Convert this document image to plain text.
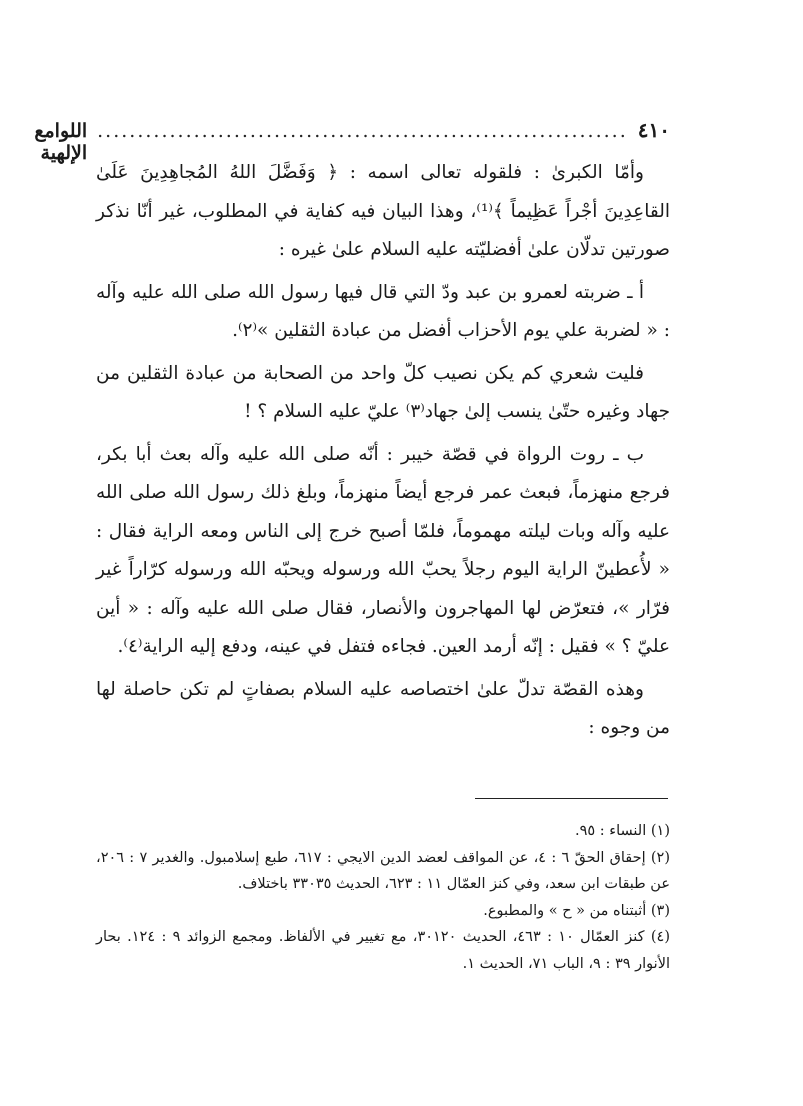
٤١٠
..................................................................
اللوامع الإلهية

وأمّا الكبرىٰ : فلقوله تعالى اسمه : ﴿ وَفَضَّلَ اللهُ المُجاهِدِينَ عَلَىٰ القاعِدِينَ أجْراً عَظِيماً ﴾⁽¹⁾، وهذا البيان فيه كفاية في المطلوب، غير أنّا نذكر صورتين تدلّان علىٰ أفضليّته عليه السلام علىٰ غيره :

أ ـ ضربته لعمرو بن عبد ودّ التي قال فيها رسول الله صلى الله عليه وآله : « لضربة علي يوم الأحزاب أفضل من عبادة الثقلين »⁽٢⁾.

فليت شعري كم يكن نصيب كلّ واحد من الصحابة من عبادة الثقلين من جهاد وغيره حتّىٰ ينسب إلىٰ جهاد⁽٣⁾ عليّ عليه السلام ؟ !

ب ـ روت الرواة في قصّة خيبر : أنّه صلى الله عليه وآله بعث أبا بكر، فرجع منهزماً، فبعث عمر فرجع أيضاً منهزماً، وبلغ ذلك رسول الله صلى الله عليه وآله وبات ليلته مهموماً، فلمّا أصبح خرج إلى الناس ومعه الراية فقال : « لأُعطينّ الراية اليوم رجلاً يحبّ الله ورسوله ويحبّه الله ورسوله كرّاراً غير فرّار »، فتعرّض لها المهاجرون والأنصار، فقال صلى الله عليه وآله : « أين عليّ ؟ » فقيل : إنّه أرمد العين. فجاءه فتفل في عينه، ودفع إليه الراية⁽٤⁾.

وهذه القصّة تدلّ علىٰ اختصاصه عليه السلام بصفاتٍ لم تكن حاصلة لها من وجوه :

(١) النساء : ٩٥.

(٢) إحقاق الحقّ ٦ : ٤، عن المواقف لعضد الدين الايجي : ٦١٧، طبع إسلامبول. والغدير ٧ : ٢٠٦، عن طبقات ابن سعد، وفي كنز العمّال ١١ : ٦٢٣، الحديث ٣٣٠٣٥ باختلاف.

(٣) أثبتناه من « ح » والمطبوع.

(٤) كنز العمّال ١٠ : ٤٦٣، الحديث ٣٠١٢٠، مع تغيير في الألفاظ. ومجمع الزوائد ٩ : ١٢٤. بحار الأنوار ٣٩ : ٩، الباب ٧١، الحديث ١.
